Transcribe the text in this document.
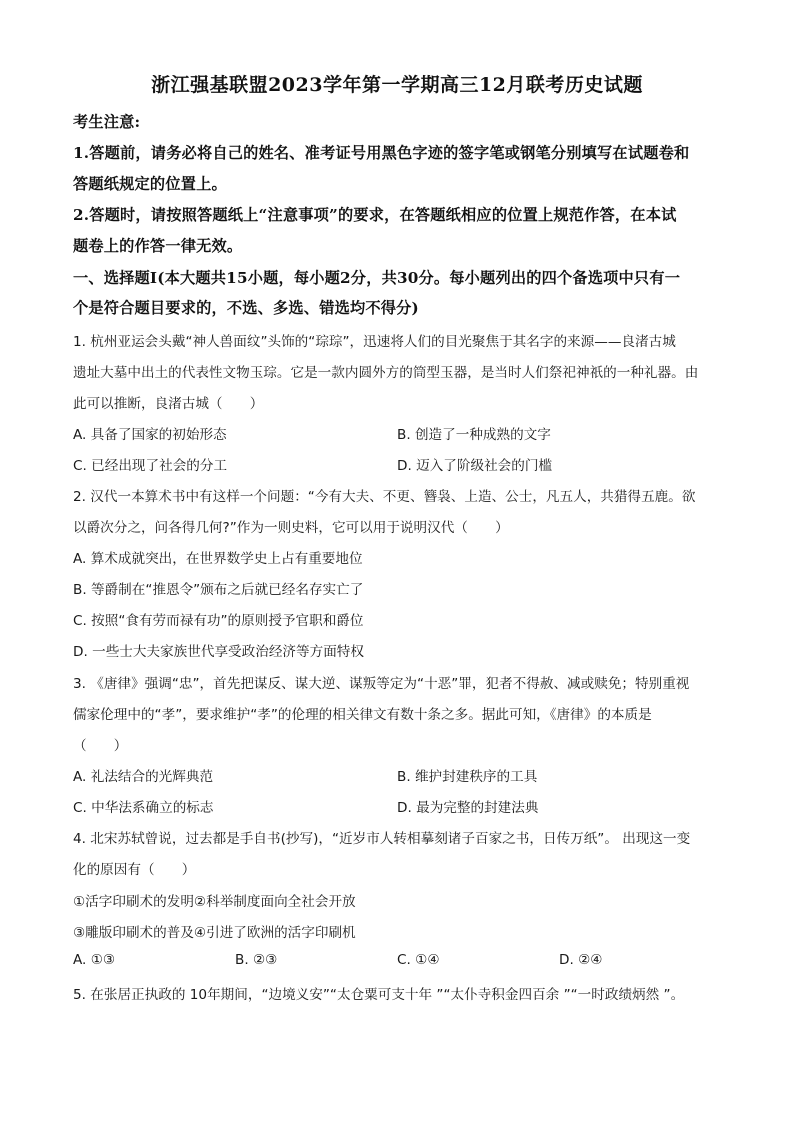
浙江强基联盟2023学年第一学期高三12月联考历史试题
考生注意:
1.答题前，请务必将自己的姓名、准考证号用黑色字迹的签字笔或钢笔分别填写在试题卷和
答题纸规定的位置上。
2.答题时，请按照答题纸上“注意事项”的要求，在答题纸相应的位置上规范作答，在本试
题卷上的作答一律无效。
一、选择题Ⅰ(本大题共15小题，每小题2分，共30分。每小题列出的四个备选项中只有一
个是符合题目要求的，不选、多选、错选均不得分)
1. 杭州亚运会头戴“神人兽面纹”头饰的“琮琮”，迅速将人们的目光聚焦于其名字的来源——良渚古城
遗址大墓中出土的代表性文物玉琮。它是一款内圆外方的筒型玉器，是当时人们祭祀神祇的一种礼器。由
此可以推断，良渚古城（　　）
A. 具备了国家的初始形态	B. 创造了一种成熟的文字
C. 已经出现了社会的分工	D. 迈入了阶级社会的门槛
2. 汉代一本算术书中有这样一个问题：“今有大夫、不更、簪袅、上造、公士，凡五人，共猎得五鹿。欲
以爵次分之，问各得几何?”作为一则史料，它可以用于说明汉代（　　）
A. 算术成就突出，在世界数学史上占有重要地位
B. 等爵制在“推恩令”颁布之后就已经名存实亡了
C. 按照“食有劳而禄有功”的原则授予官职和爵位
D. 一些士大夫家族世代享受政治经济等方面特权
3. 《唐律》强调“忠”，首先把谋反、谋大逆、谋叛等定为“十恶”罪，犯者不得赦、减或赎免；特别重视
儒家伦理中的“孝”，要求维护“孝”的伦理的相关律文有数十条之多。据此可知，《唐律》的本质是
（　　）
A. 礼法结合的光辉典范	B. 维护封建秩序的工具
C. 中华法系确立的标志	D. 最为完整的封建法典
4. 北宋苏轼曾说，过去都是手自书(抄写)，“近岁市人转相摹刻诸子百家之书，日传万纸”。 出现这一变
化的原因有（　　）
①活字印刷术的发明②科举制度面向全社会开放
③雕版印刷术的普及④引进了欧洲的活字印刷机
A. ①③	B. ②③	C. ①④	D. ②④
5. 在张居正执政的 10年期间，“边境义安”“太仓粟可支十年 ”“太仆寺积金四百余 ”“一时政绩炳然 ”。
